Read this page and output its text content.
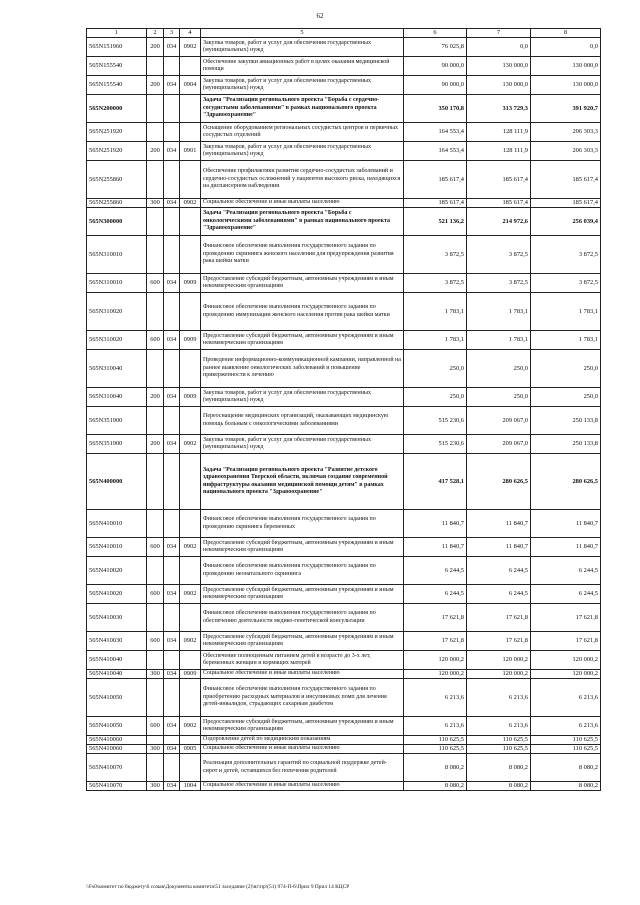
62
1	2	3	4	5	6	7	8
565N151960	200	034	0902	Закупка товаров, работ и услуг для обеспечения государственных (муниципальных) нужд	76 025,8	0,0	0,0
565N155540				Обеспечение закупки авиационных работ в целях оказания медицинской помощи	90 000,0	130 000,0	130 000,0
565N155540	200	034	0904	Закупка товаров, работ и услуг для обеспечения государственных (муниципальных) нужд	90 000,0	130 000,0	130 000,0
565N200000				Задача "Реализация регионального проекта "Борьба с сердечно-сосудистыми заболеваниями" в рамках национального проекта "Здравоохранение"	350 170,8	313 729,3	391 920,7
565N251920				Оснащение оборудованием региональных сосудистых центров и первичных сосудистых отделений	164 553,4	128 111,9	206 303,3
565N251920	200	034	0901	Закупка товаров, работ и услуг для обеспечения государственных (муниципальных) нужд	164 553,4	128 111,9	206 303,3
565N255860				Обеспечение профилактики развития сердечно-сосудистых заболеваний и сердечно-сосудистых осложнений у пациентов высокого риска, находящихся на диспансерном наблюдении	185 617,4	185 617,4	185 617,4
565N255860	300	034	0902	Социальное обеспечение и иные выплаты населению	185 617,4	185 617,4	185 617,4
565N300000				Задача "Реализация регионального проекта "Борьба с онкологическими заболеваниями" в рамках национального проекта "Здравоохранение"	521 136,2	214 972,6	256 039,4
565N310010				Финансовое обеспечение выполнения государственного задания по проведению скрининга женского населения для предупреждения развития рака шейки матки	3 872,5	3 872,5	3 872,5
565N310010	600	034	0909	Предоставление субсидий бюджетным, автономным учреждениям и иным некоммерческим организациям	3 872,5	3 872,5	3 872,5
565N310020				Финансовое обеспечение выполнения государственного задания по проведению иммунизации женского населения против рака шейки матки	1 783,1	1 783,1	1 783,1
565N310020	600	034	0909	Предоставление субсидий бюджетным, автономным учреждениям и иным некоммерческим организациям	1 783,1	1 783,1	1 783,1
565N310040				Проведение информационно-коммуникационной кампании, направленной на раннее выявление онкологических заболеваний и повышение приверженности к лечению	250,0	250,0	250,0
565N310040	200	034	0909	Закупка товаров, работ и услуг для обеспечения государственных (муниципальных) нужд	250,0	250,0	250,0
565N351900				Переоснащение медицинских организаций, оказывающих медицинскую помощь больным с онкологическими заболеваниями	515 230,6	209 067,0	250 133,8
565N351900	200	034	0902	Закупка товаров, работ и услуг для обеспечения государственных (муниципальных) нужд	515 230,6	209 067,0	250 133,8
565N400000				Задача "Реализация регионального проекта "Развитие детского здравоохранения Тверской области, включая создание современной инфраструктуры оказания медицинской помощи детям" в рамках национального проекта "Здравоохранение"	417 528,1	280 626,5	280 626,5
565N410010				Финансовое обеспечение выполнения государственного задания по проведению скрининга беременных	11 840,7	11 840,7	11 840,7
565N410010	600	034	0902	Предоставление субсидий бюджетным, автономным учреждениям и иным некоммерческим организациям	11 840,7	11 840,7	11 840,7
565N410020				Финансовое обеспечение выполнения государственного задания по проведению неонатального скрининга	6 244,5	6 244,5	6 244,5
565N410020	600	034	0902	Предоставление субсидий бюджетным, автономным учреждениям и иным некоммерческим организациям	6 244,5	6 244,5	6 244,5
565N410030				Финансовое обеспечение выполнения государственного задания по обеспечению деятельности медико-генетической консультации	17 621,8	17 621,8	17 621,8
565N410030	600	034	0902	Предоставление субсидий бюджетным, автономным учреждениям и иным некоммерческим организациям	17 621,8	17 621,8	17 621,8
565N410040				Обеспечение полноценным питанием детей в возрасте до 3-х лет, беременных женщин и кормящих матерей	120 000,2	120 000,2	120 000,2
565N410040	300	034	0909	Социальное обеспечение и иные выплаты населению	120 000,2	120 000,2	120 000,2
565N410050				Финансовое обеспечение выполнения государственного задания по приобретению расходных материалов и инсулиновых помп для лечения детей-инвалидов, страдающих сахарным диабетом	6 213,6	6 213,6	6 213,6
565N410050	600	034	0902	Предоставление субсидий бюджетным, автономным учреждениям и иным некоммерческим организациям	6 213,6	6 213,6	6 213,6
565N410060				Оздоровление детей по медицинским показаниям	110 625,5	110 625,5	110 625,5
565N410060	300	034	0905	Социальное обеспечение и иные выплаты населению	110 625,5	110 625,5	110 625,5
565N410070				Реализация дополнительных гарантий по социальной поддержке детей-сирот и детей, оставшихся без попечения родителей	8 080,2	8 080,2	8 080,2
565N410070	300	034	1004	Социальное обеспечение и иные выплаты населению	8 080,2	8 080,2	8 080,2
\\Fs0\комитет по бюджету\6 созыв\Документы комитета\51 заседание (2)\вг\пр\(51) 974-П-6\Прил 9 Прил 14 КЦСР
